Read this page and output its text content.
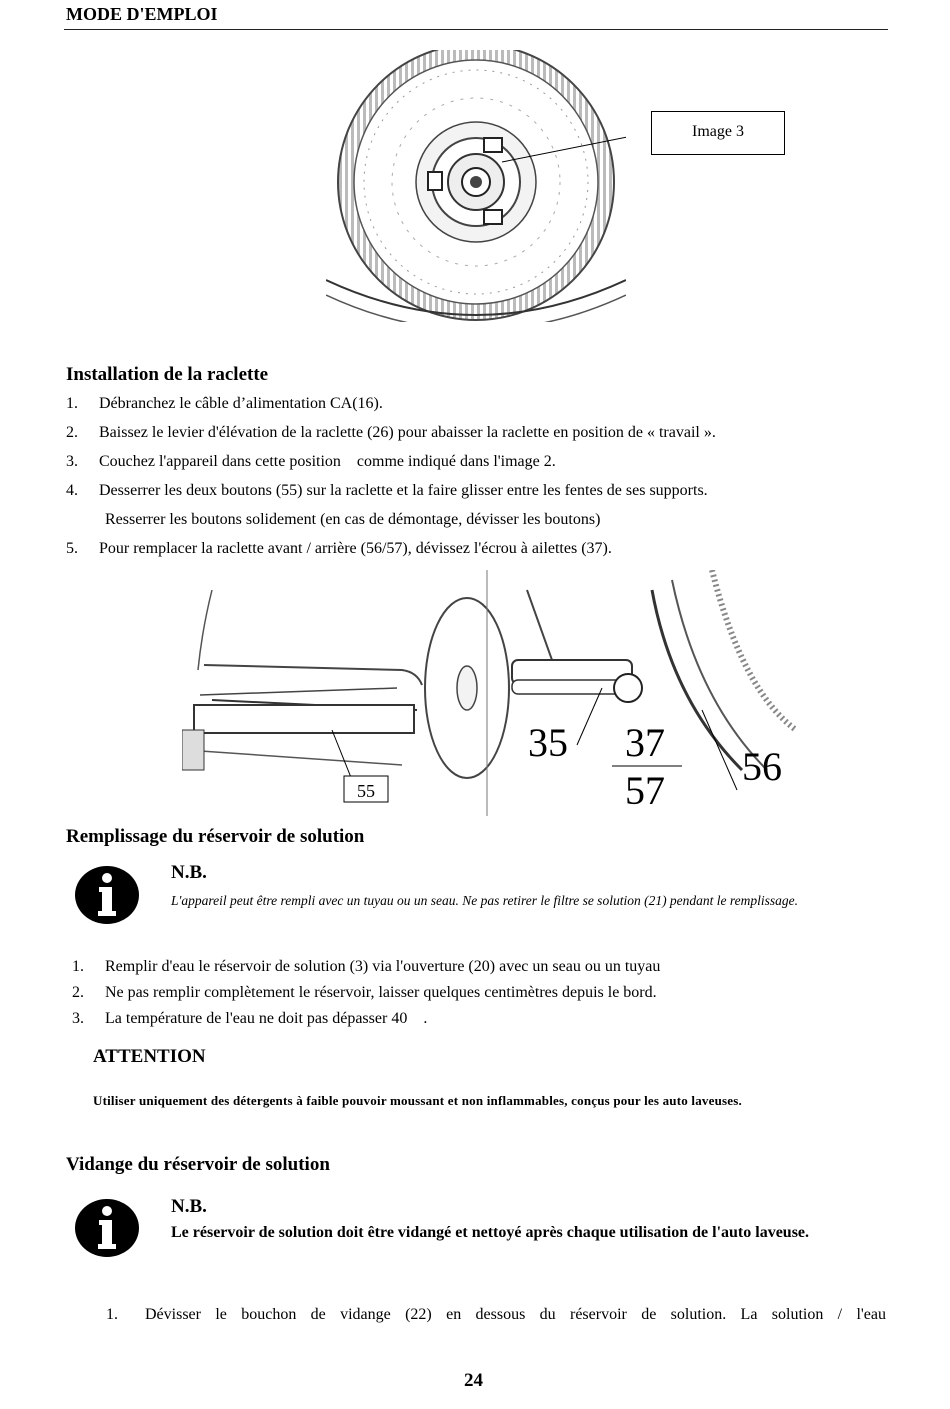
MODE D'EMPLOI
Image 3
Installation de la raclette
1. Débranchez le câble d’alimentation CA(16).
2. Baissez le levier d'élévation de la raclette (26) pour abaisser la raclette en position de « travail ».
3. Couchez l'appareil dans cette position    comme indiqué dans l'image 2.
4. Desserrer les deux boutons (55) sur la raclette et la faire glisser entre les fentes de ses supports.
Resserrer les boutons solidement (en cas de démontage, dévisser les boutons)
5. Pour remplacer la raclette avant / arrière (56/57), dévissez l'écrou à ailettes (37).
55
35 37
57
56
Remplissage du réservoir de solution
N.B.
L'appareil peut être rempli avec un tuyau ou un seau. Ne pas retirer le filtre se solution (21) pendant le remplissage.
1. Remplir d'eau le réservoir de solution (3) via l'ouverture (20) avec un seau ou un tuyau
2. Ne pas remplir complètement le réservoir, laisser quelques centimètres depuis le bord.
3. La température de l'eau ne doit pas dépasser 40    .
ATTENTION
Utiliser uniquement des détergents à faible pouvoir moussant et non inflammables, conçus pour les auto laveuses.
Vidange du réservoir de solution
N.B.
Le réservoir de solution doit être vidangé et nettoyé après chaque utilisation de l'auto laveuse.
1. Dévisser le bouchon de vidange (22) en dessous du réservoir de solution. La solution / l'eau
24
